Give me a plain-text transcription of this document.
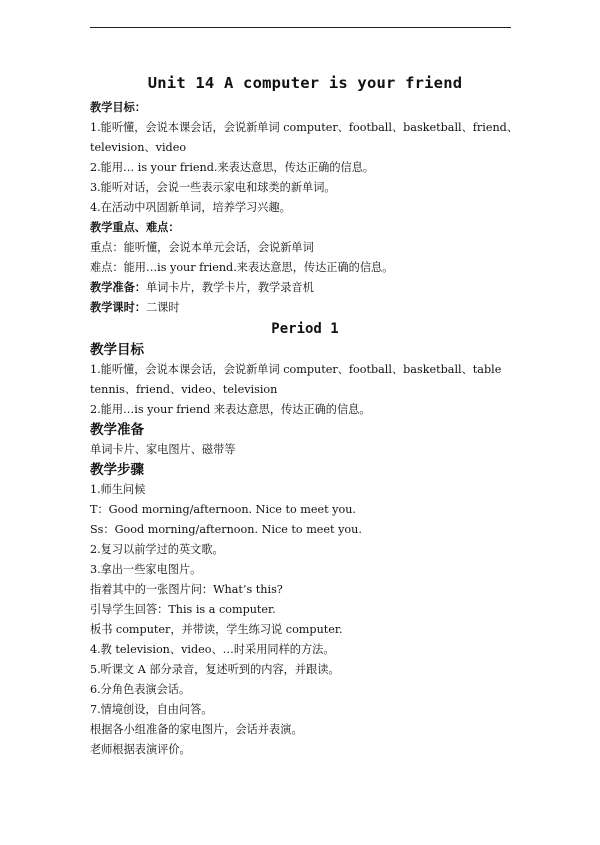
Unit 14 A computer is your friend
教学目标：
1.能听懂，会说本课会话，会说新单词 computer、football、basketball、friend、
television、video
2.能用… is your friend.来表达意思，传达正确的信息。
3.能听对话，会说一些表示家电和球类的新单词。
4.在活动中巩固新单词，培养学习兴趣。
教学重点、难点：
重点：能听懂，会说本单元会话，会说新单词
难点：能用…is your friend.来表达意思，传达正确的信息。
教学准备：单词卡片，教学卡片，教学录音机
教学课时：二课时
Period 1
教学目标
1.能听懂，会说本课会话，会说新单词 computer、football、basketball、table
tennis、friend、video、television
2.能用…is your friend 来表达意思，传达正确的信息。
教学准备
单词卡片、家电图片、磁带等
教学步骤
1.师生问候
T：Good morning/afternoon. Nice to meet you.
Ss：Good morning/afternoon. Nice to meet you.
2.复习以前学过的英文歌。
3.拿出一些家电图片。
指着其中的一张图片问：What’s this?
引导学生回答：This is a computer.
板书 computer，并带读，学生练习说 computer.
4.教 television、video、…时采用同样的方法。
5.听课文 A 部分录音，复述听到的内容，并跟读。
6.分角色表演会话。
7.情境创设，自由问答。
根据各小组准备的家电图片，会话并表演。
老师根据表演评价。
